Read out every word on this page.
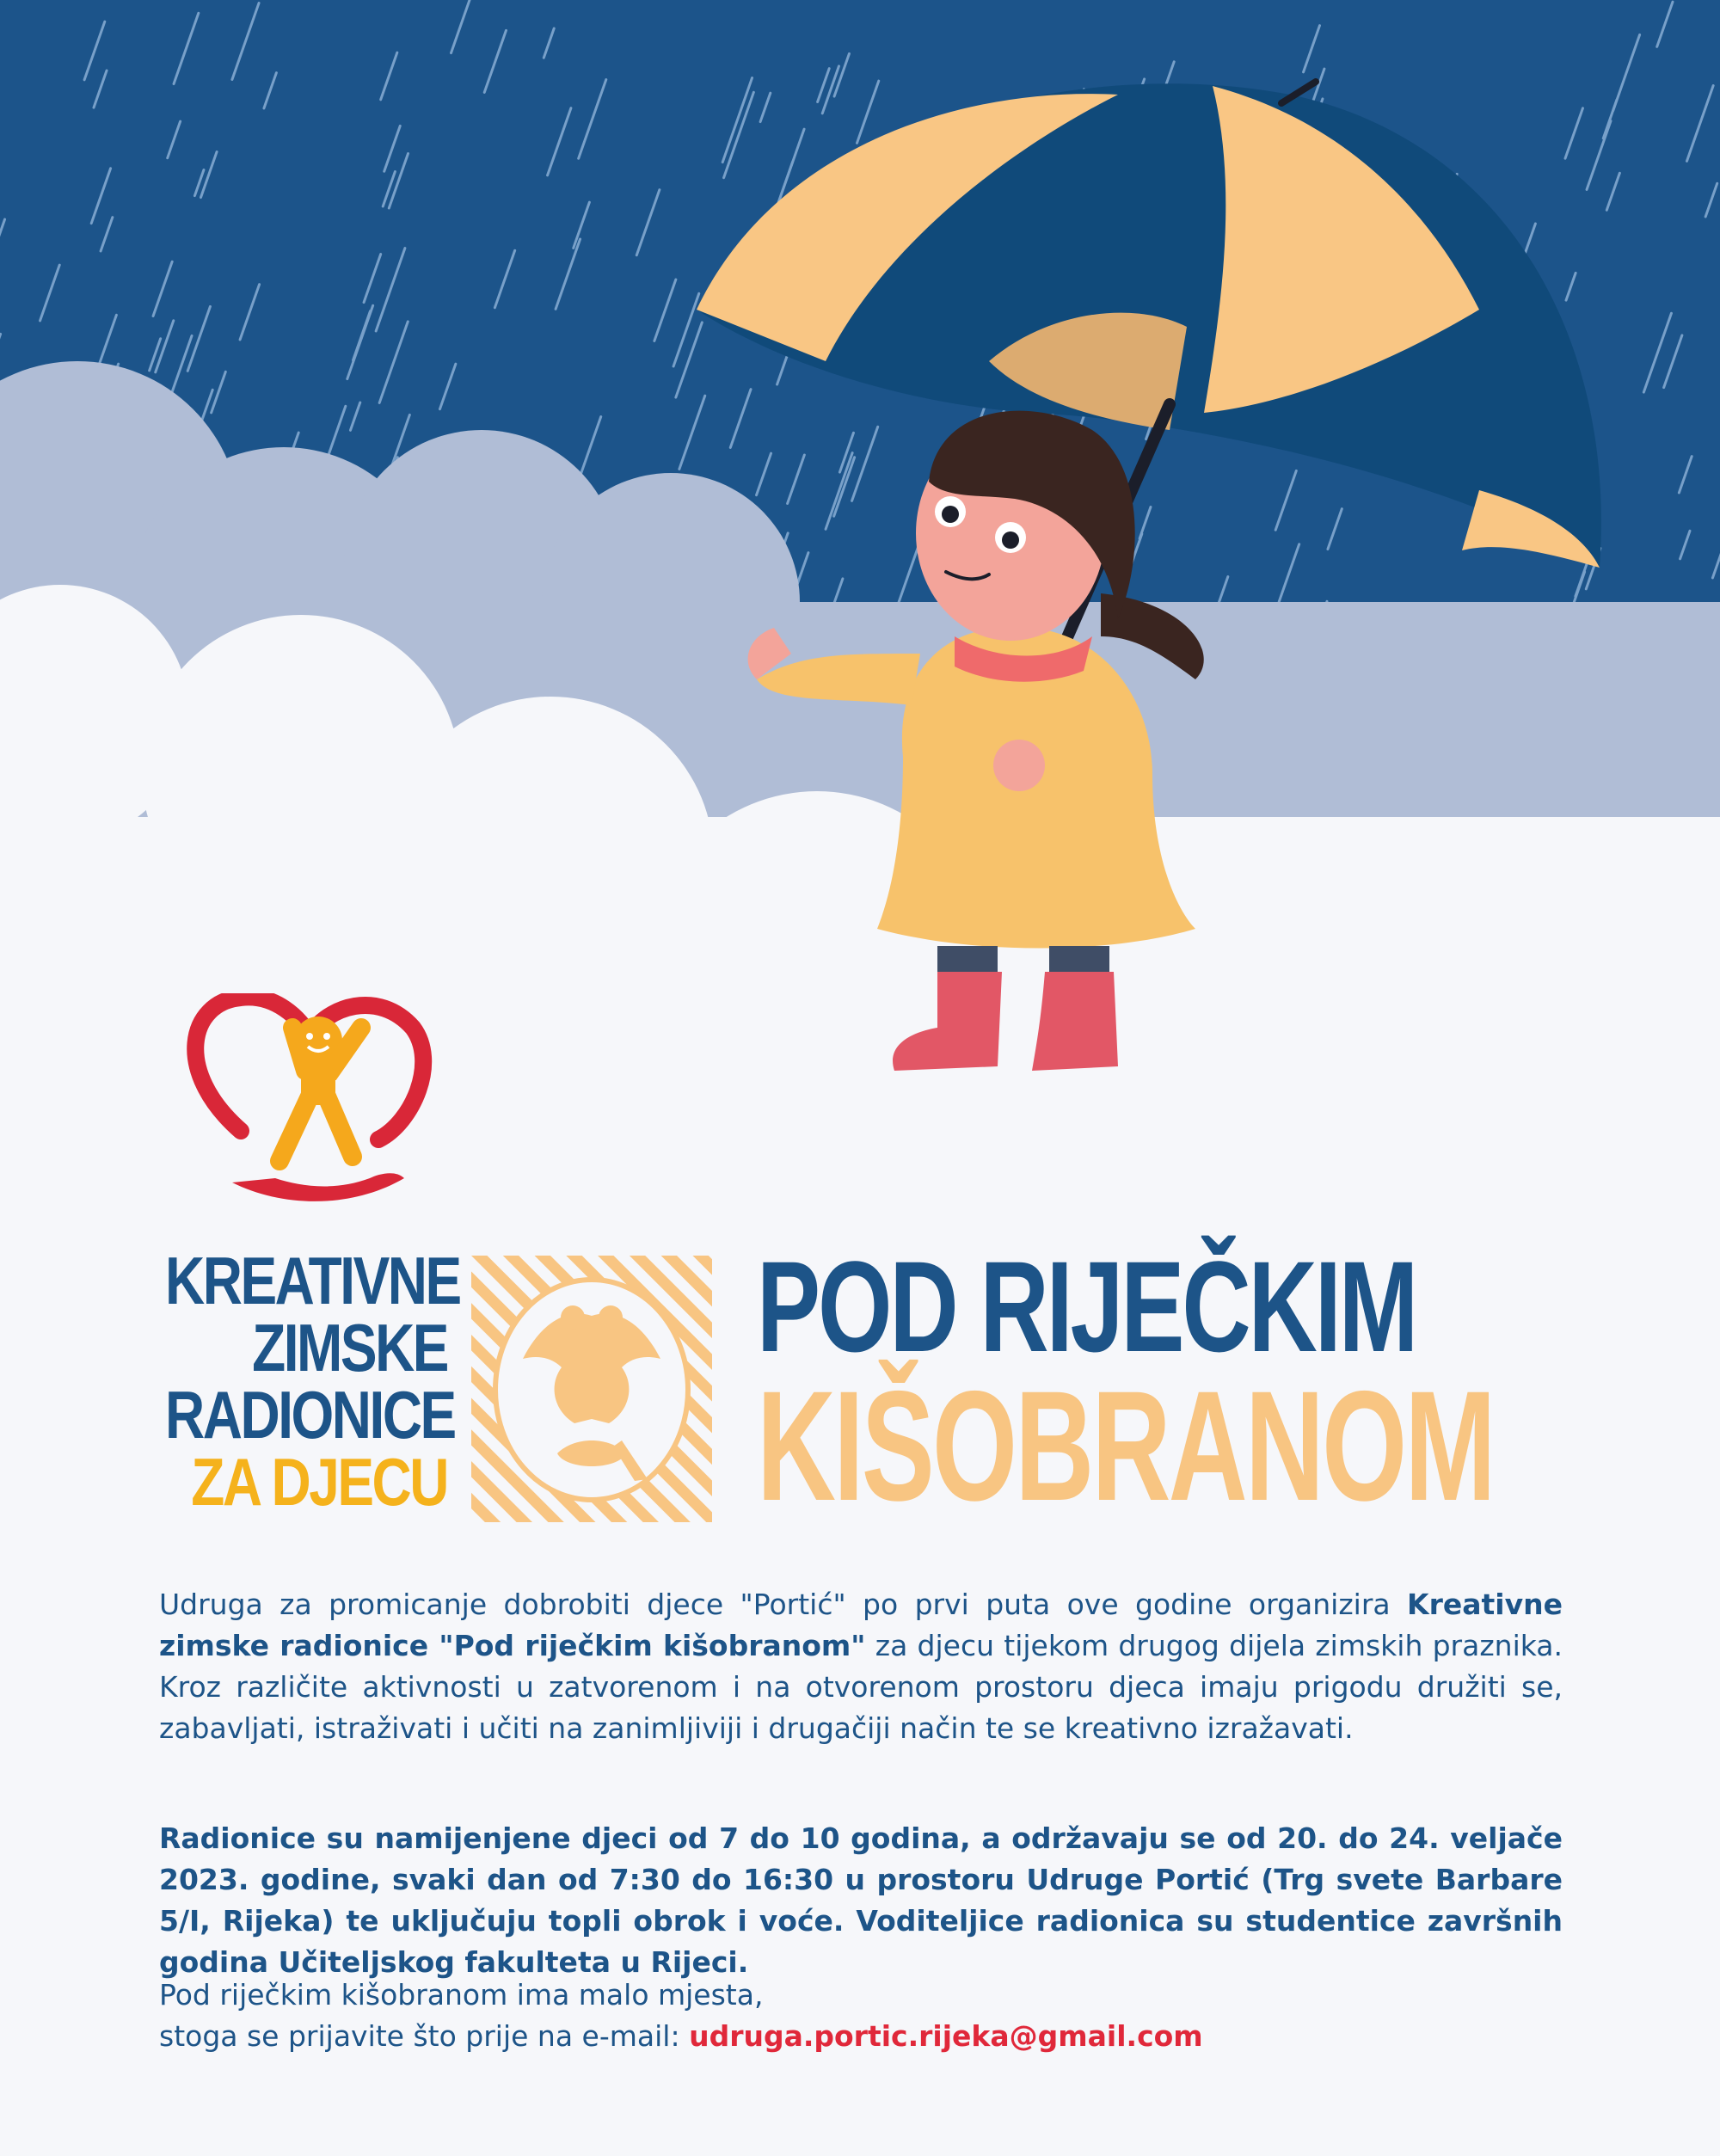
KREATIVNE
ZIMSKE
RADIONICE
ZA DJECU
POD RIJEČKIM
KIŠOBRANOM
Udruga za promicanje dobrobiti djece "Portić" po prvi puta ove godine organizira Kreativne zimske radionice "Pod riječkim kišobranom" za djecu tijekom drugog dijela zimskih praznika. Kroz različite aktivnosti u zatvorenom i na otvorenom prostoru djeca imaju prigodu družiti se, zabavljati, istraživati i učiti na zanimljiviji i drugačiji način te se kreativno izražavati.
Radionice su namijenjene djeci od 7 do 10 godina, a održavaju se od 20. do 24. veljače 2023. godine, svaki dan od 7:30 do 16:30 u prostoru Udruge Portić (Trg svete Barbare 5/I, Rijeka) te uključuju topli obrok i voće. Voditeljice radionica su studentice završnih godina Učiteljskog fakulteta u Rijeci.
Pod riječkim kišobranom ima malo mjesta,
stoga se prijavite što prije na e-mail: udruga.portic.rijeka@gmail.com
